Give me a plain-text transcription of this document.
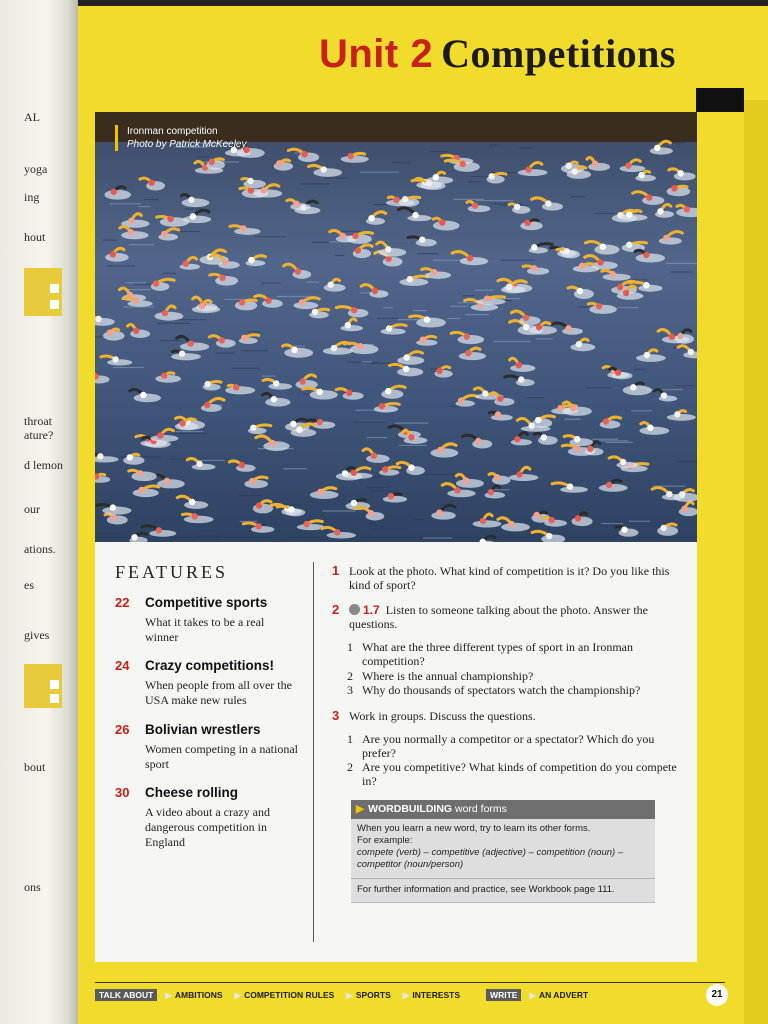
AL
yoga
ing
hout
throat
ature?
d lemon
our
ations.
es
gives
bout
ons
Unit 2 Competitions
Ironman competition
Photo by Patrick McKeeley
FEATURES
22 Competitive sports
What it takes to be a real winner
24 Crazy competitions!
When people from all over the USA make new rules
26 Bolivian wrestlers
Women competing in a national sport
30 Cheese rolling
A video about a crazy and dangerous competition in England
1 Look at the photo. What kind of competition is it? Do you like this kind of sport?
2	1.7 Listen to someone talking about the photo. Answer the questions.
1 What are the three different types of sport in an Ironman competition?
2 Where is the annual championship?
3 Why do thousands of spectators watch the championship?
3 Work in groups. Discuss the questions.
1 Are you normally a competitor or a spectator? Which do you prefer?
2 Are you competitive? What kinds of competition do you compete in?
▶ WORDBUILDING word forms
When you learn a new word, try to learn its other forms.
For example:
compete (verb) – competitive (adjective) – competition (noun) – competitor (noun/person)
For further information and practice, see Workbook page 111.
TALK ABOUT	▶ AMBITIONS ▶ COMPETITION RULES ▶ SPORTS ▶ INTERESTS	WRITE	▶ AN ADVERT	21
